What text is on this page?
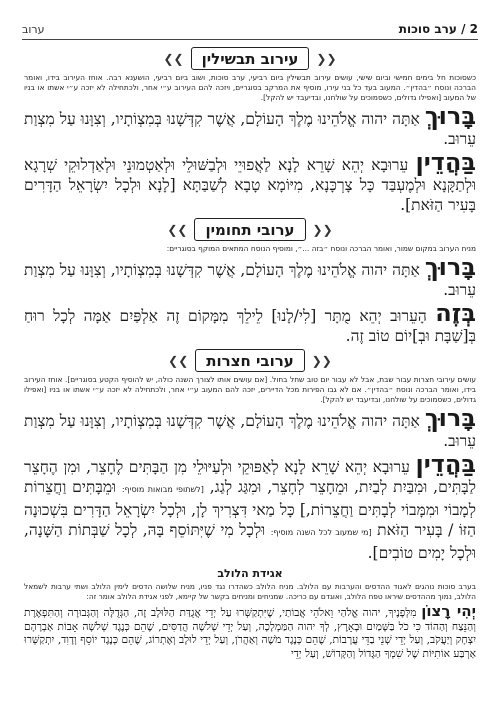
2 / ערב סוכות
ערוב
❮❮
עירוב תבשילין
❯❯

כשסוכות חל בימים חמישי וביום שישי, עושים עירוב תבשילין ביום רביעי, ערב סוכות, ושוב ביום רביעי, הושענא רבה. אוחז העירוב בידו, ואומר הברכה ונוסח ״בהדין״. המעוב בעד כל בני עירו, מוסיף את המרקב בסוגריים, ויזכה להם העירוב ע״י אחר, ולכתחילה לא יזכה ע״י אשתו או בניו של המעוב [ואפילו גדולים, כשסמוכים על שולחנו, ובדיעבד יש להקל].

בָּרוּךְ אַתָּה יהוה אֱלֹהֵינוּ מֶלֶךְ הָעוֹלָם, אֲשֶׁר קִדְּשָׁנוּ בְּמִצְוֹתָיו, וְצִוָּנוּ עַל מִצְוַת עֵרוּב.

בַּהֲדֵין עֵרוּבָא יְהֵא שָׁרֵא לָנָא לַאֲפוּיֵי וּלְבַשּׁוּלֵי וּלְאַטְמוּנֵי וּלְאַדְלוּקֵי שְׁרָגָא וּלְתַקָּנָא וּלְמֶעְבַּד כָּל צָרְכָּנָא, מִיּוֹמָא טָבָא לְשַׁבַּתָּא [לָנָא וּלְכָל יִשְׂרָאֵל הַדָּרִים בָּעִיר הַזֹּאת].

❮❮
ערובי תחומין
❯❯

מניח הערוב במקום שמור, ואומר הברכה ונוסח ״בזה ...״, ומוסיף הנוסח המתאים המוקף בסוגריים:

בָּרוּךְ אַתָּה יהוה אֱלֹהֵינוּ מֶלֶךְ הָעוֹלָם, אֲשֶׁר קִדְּשָׁנוּ בְּמִצְוֹתָיו, וְצִוָּנוּ עַל מִצְוַת עֵרוּב.

בְּזֶה הָעֵרוּב יְהֵא מֻתָּר [לִי/לָנוּ] לֵילֵךְ מִמָּקוֹם זֶה אַלְפַּיִם אַמָּה לְכָל רוּחַ בְּ[שַׁבָּת וּבְ]יוֹם טוֹב זֶה.

❮❮
ערובי חצרות
❯❯

עושים עירובי חצרות עבור שבת, אבל לא עבור יום טוב שחל בחול. [אם עושים אותו לצורך השנה כולה, יש להוסיף הקטע בסוגריים]. אוחז העירוב בידו, ואומר הברכה ונוסח ״בהדין״. אם לא גבו הפירות מכל הדיירים, יזכה להם המעוב ע״י אחר, ולכתחילה לא יזכה ע״י אשתו או בניו [ואפילו גדולים, כשסמוכים על שולחנו, ובדיעבד יש להקל].

בָּרוּךְ אַתָּה יהוה אֱלֹהֵינוּ מֶלֶךְ הָעוֹלָם, אֲשֶׁר קִדְּשָׁנוּ בְּמִצְוֹתָיו, וְצִוָּנוּ עַל מִצְוַת עֵרוּב.

בַּהֲדֵין עֵרוּבָא יְהֵא שָׁרֵא לָנָא לְאַפּוּקֵי וּלְעַיּוּלֵי מִן הַבָּתִּים לֶחָצֵר, וּמִן הֶחָצֵר לַבָּתִּים, וּמִבַּיִת לְבַיִת, וּמֵחָצֵר לְחָצֵר, וּמִגַּג לְגַג, [לשתופי מבואות מוסיף: וּמֵבָּתִּים וַחֲצֵרוֹת לְמָבוֹי וּמִמָּבוֹי לְבָתִּים וַחֲצֵרוֹת,] כָּל מַאי דִּצְרִיךְ לָן, וּלְכָל יִשְׂרָאֵל הַדָּרִים בִּשְׁכוּנָה הַזּוֹ / בָּעִיר הַזֹּאת [מי שמעוב לכל השנה מוסיף: וּלְכָל מִי שֶׁיִּתּוֹסֵף בָּהּ, לְכָל שַׁבְּתוֹת הַשָּׁנָה, וּלְכָל יָמִים טוֹבִים].

אגידת הלולב

בערב סוכות נוהגים לאגוד ההדסים והערבות עם הלולב. מניח הלולב כשהדרו נגד פניו, מניח שלושה הדסים לימין הלולב ושתי ערבות לשמאל הלולב, נמוך מההדסים שיראו טפח הלולב, ואוגדם עם כריכה. שמניחים ומניחים בקשר של קיימא, לפני אגידת הלולב אומר זה:

יְהִי רָצוֹן מִלְּפָנֶיךָ, יהוה אֱלֹהַי וֵאלֹהֵי אֲבוֹתַי, שֶׁיִּתְקַשְּׁרוּ עַל יְדֵי אֲגֻדַּת הַלּוּלָב זֶה, הַגְּדֻלָּה וְהַגְּבוּרָה וְהַתִּפְאֶרֶת וְהַנֵּצַח וְהַהוֹד כִּי כֹל בַּשָּׁמַיִם וּבָאָרֶץ, לְךָ יהוה הַמַּמְלָכָה, וְעַל יְדֵי שְׁלֹשָׁה הֲדַסִּים, שֶׁהֵם כְּנֶגֶד שְׁלֹשָׁה אָבוֹת אַבְרָהָם יִצְחָק וְיַעֲקֹב, וְעַל יְדֵי שְׁנֵי בַדֵּי עֲרָבוֹת, שֶׁהֵם כְּנֶגֶד מֹשֶׁה וְאַהֲרֹן, וְעַל יְדֵי לוּלָב וְאֶתְרוֹג, שֶׁהֵם כְּנֶגֶד יוֹסֵף וְדָוִד, יִתְקַשְּׁרוּ אַרְבַּע אוֹתִיּוֹת שֶׁל שִׁמְךָ הַגָּדוֹל וְהַקָּדוֹשׁ, וְעַל יְדֵי
